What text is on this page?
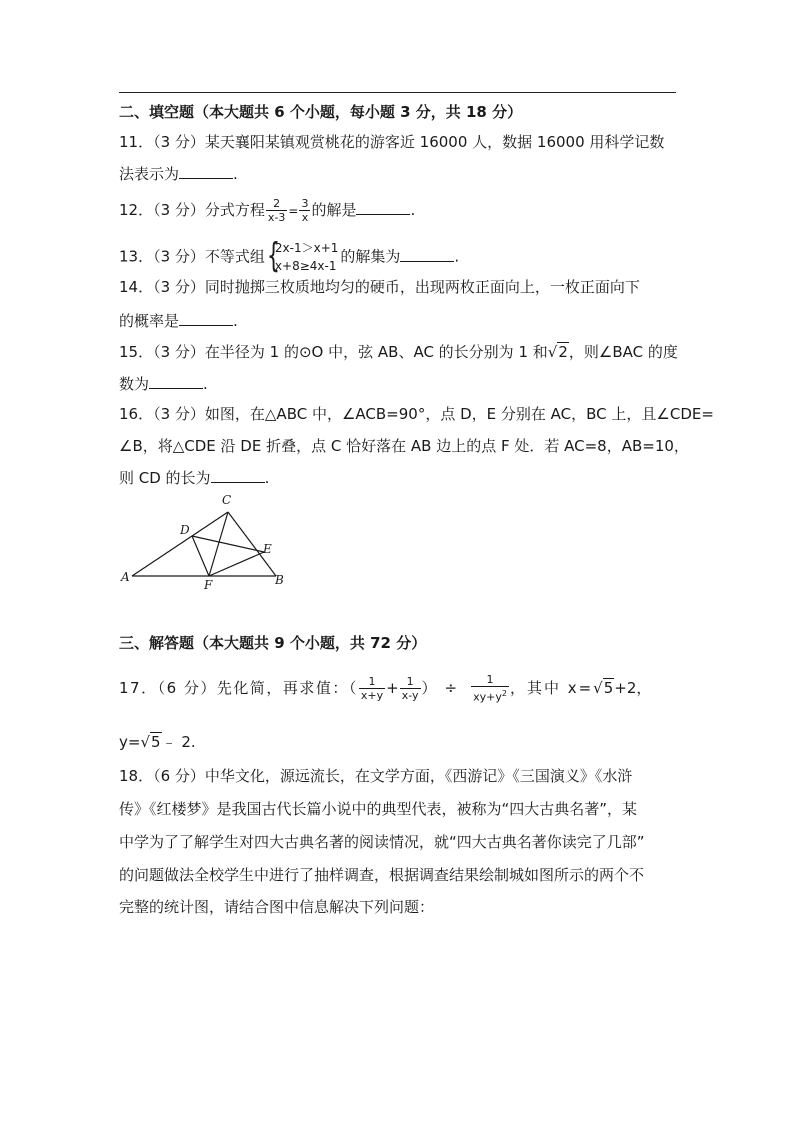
二、填空题（本大题共 6 个小题，每小题 3 分，共 18 分）
11．（3 分）某天襄阳某镇观赏桃花的游客近 16000 人，数据 16000 用科学记数
法表示为	.
12．（3 分）分式方程 $\frac{2}{x-3} = \frac{3}{x}$ 的解是	.
13．（3 分）不等式组 {
2x-1＞x+1
x+8≥4x-1
的解集为	.
14．（3 分）同时抛掷三枚质地均匀的硬币，出现两枚正面向上，一枚正面向下
的概率是	.
15．（3 分）在半径为 1 的⊙O 中，弦 AB、AC 的长分别为 1 和√2，则∠BAC 的度
数为	.
16．（3 分）如图，在△ABC 中，∠ACB=90°，点 D，E 分别在 AC，BC 上，且∠CDE=
∠B，将△CDE 沿 DE 折叠，点 C 恰好落在 AB 边上的点 F 处．若 AC=8，AB=10，
则 CD 的长为	.
C
D
E
A
F	B
三、解答题（本大题共 9 个小题，共 72 分）
17．（6 分）先化简，再求值：（ $\frac{1}{x+y} + \frac{1}{x-y}$ ）÷ $\frac{1}{xy+y^2}$ ，其中 x=√5+2，
y=√5﹣ 2.
18．（6 分）中华文化，源远流长，在文学方面，《西游记》《三国演义》《水浒
传》《红楼梦》是我国古代长篇小说中的典型代表，被称为“四大古典名著”，某
中学为了了解学生对四大古典名著的阅读情况，就“四大古典名著你读完了几部”
的问题做法全校学生中进行了抽样调查，根据调查结果绘制城如图所示的两个不
完整的统计图，请结合图中信息解决下列问题：
